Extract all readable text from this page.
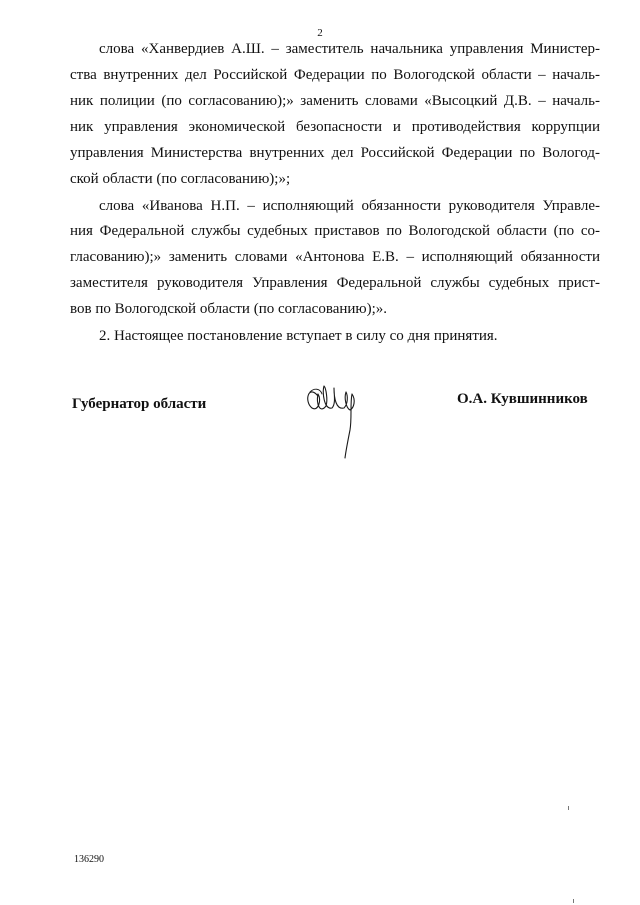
2
слова «Ханвердиев А.Ш. – заместитель начальника управления Министер-
ства внутренних дел Российской Федерации по Вологодской области – началь-
ник полиции (по согласованию);» заменить словами «Высоцкий Д.В. – началь-
ник управления экономической безопасности и противодействия коррупции
управления Министерства внутренних дел Российской Федерации по Вологод-
ской области (по согласованию);»;
слова «Иванова Н.П. – исполняющий обязанности руководителя Управле-
ния Федеральной службы судебных приставов по Вологодской области (по со-
гласованию);» заменить словами «Антонова Е.В. – исполняющий обязанности
заместителя руководителя Управления Федеральной службы судебных прист-
вов по Вологодской области (по согласованию);».
2. Настоящее постановление вступает в силу со дня принятия.
Губернатор области	О.А. Кувшинников
136290
